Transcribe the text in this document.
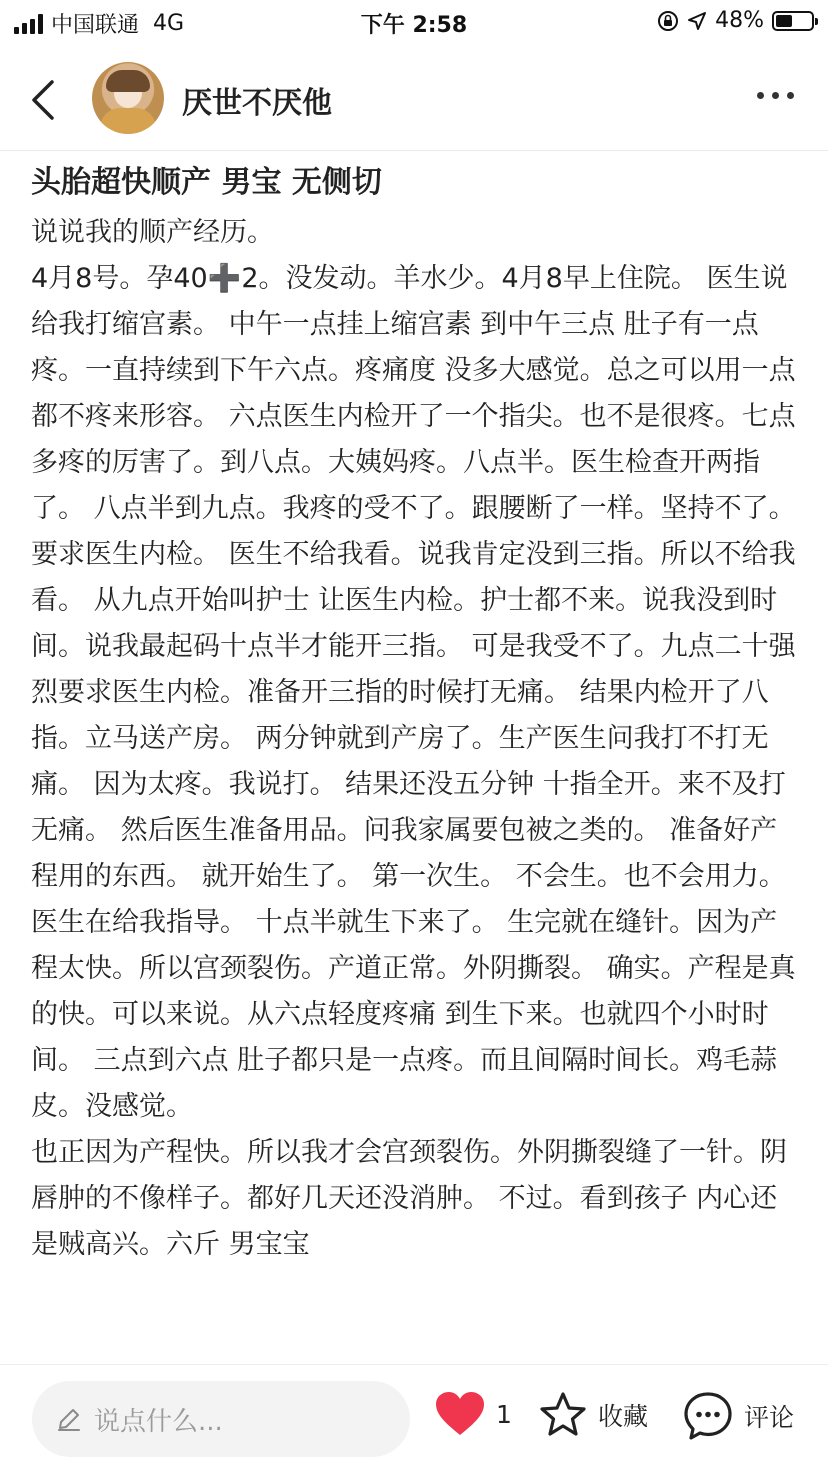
中国联通 4G	下午 2:58	48%
厌世不厌他
头胎超快顺产 男宝 无侧切

说说我的顺产经历。

4月8号。孕40➕2。没发动。羊水少。4月8早上住院。 医生说给我打缩宫素。 中午一点挂上缩宫素 到中午三点 肚子有一点疼。一直持续到下午六点。疼痛度 没多大感觉。总之可以用一点都不疼来形容。 六点医生内检开了一个指尖。也不是很疼。七点多疼的厉害了。到八点。大姨妈疼。八点半。医生检查开两指了。 八点半到九点。我疼的受不了。跟腰断了一样。坚持不了。 要求医生内检。 医生不给我看。说我肯定没到三指。所以不给我看。 从九点开始叫护士 让医生内检。护士都不来。说我没到时间。说我最起码十点半才能开三指。 可是我受不了。九点二十强烈要求医生内检。准备开三指的时候打无痛。 结果内检开了八指。立马送产房。 两分钟就到产房了。生产医生问我打不打无痛。 因为太疼。我说打。 结果还没五分钟 十指全开。来不及打无痛。 然后医生准备用品。问我家属要包被之类的。 准备好产程用的东西。 就开始生了。 第一次生。 不会生。也不会用力。 医生在给我指导。 十点半就生下来了。 生完就在缝针。因为产程太快。所以宫颈裂伤。产道正常。外阴撕裂。 确实。产程是真的快。可以来说。从六点轻度疼痛 到生下来。也就四个小时时间。 三点到六点 肚子都只是一点疼。而且间隔时间长。鸡毛蒜皮。没感觉。

也正因为产程快。所以我才会宫颈裂伤。外阴撕裂缝了一针。阴唇肿的不像样子。都好几天还没消肿。 不过。看到孩子 内心还是贼高兴。六斤 男宝宝

说点什么...	1	收藏	评论
